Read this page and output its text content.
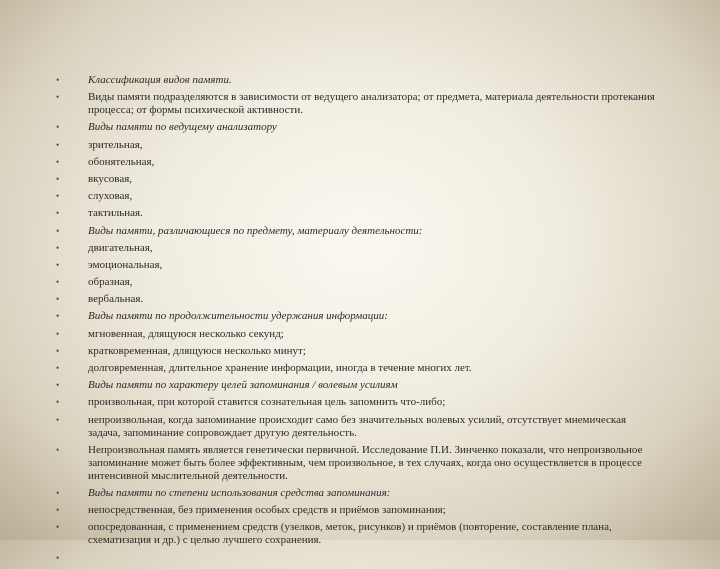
• Классификация видов памяти.
• Виды памяти подразделяются в зависимости от ведущего анализатора; от предмета, материала деятельности протекания процесса; от формы психической активности.
• Виды памяти по ведущему анализатору
• зрительная,
• обонятельная,
• вкусовая,
• слуховая,
• тактильная.
• Виды памяти, различающиеся по предмету, материалу деятельности:
• двигательная,
• эмоциональная,
• образная,
• вербальная.
• Виды памяти по продолжительности удержания информации:
• мгновенная, длящуюся несколько секунд;
• кратковременная, длящуюся несколько минут;
• долговременная, длительное хранение информации, иногда в течение многих лет.
• Виды памяти по характеру целей запоминания / волевым усилиям
• произвольная, при которой ставится сознательная цель запомнить что-либо;
• непроизвольная, когда запоминание происходит само без значительных волевых усилий, отсутствует мнемическая задача, запоминание сопровождает другую деятельность.
• Непроизвольная память является генетически первичной. Исследование П.И. Зинченко показали, что непроизвольное запоминание может быть более эффективным, чем произвольное, в тех случаях, когда оно осуществляется в процессе интенсивной мыслительной деятельности.
• Виды памяти по степени использования средства запоминания:
• непосредственная, без применения особых средств и приёмов запоминания;
• опосредованная, с применением средств (узелков, меток, рисунков) и приёмов (повторение, составление плана, схематизация и др.) с целью лучшего сохранения.
•
